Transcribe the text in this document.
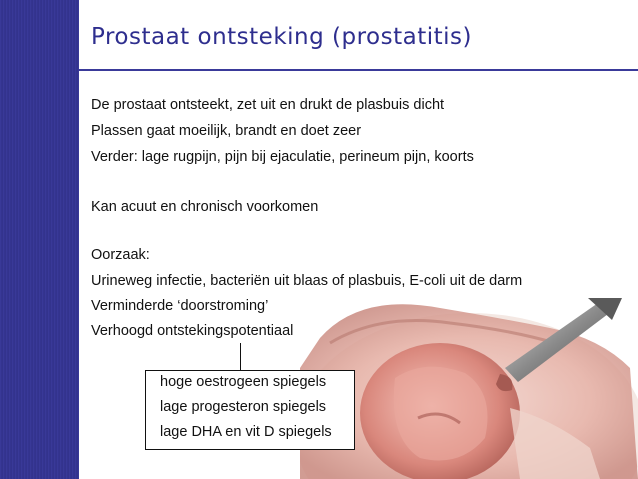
Prostaat ontsteking (prostatitis)
De prostaat ontsteekt, zet uit en drukt de plasbuis dicht
Plassen gaat moeilijk, brandt en doet zeer
Verder: lage rugpijn, pijn bij ejaculatie, perineum pijn, koorts
Kan acuut en chronisch voorkomen
Oorzaak:
Urineweg infectie, bacteriën uit blaas of plasbuis, E-coli uit de darm
Verminderde ‘doorstroming’
Verhoogd ontstekingspotentiaal
hoge oestrogeen spiegels
lage progesteron spiegels
lage DHA en vit D spiegels
